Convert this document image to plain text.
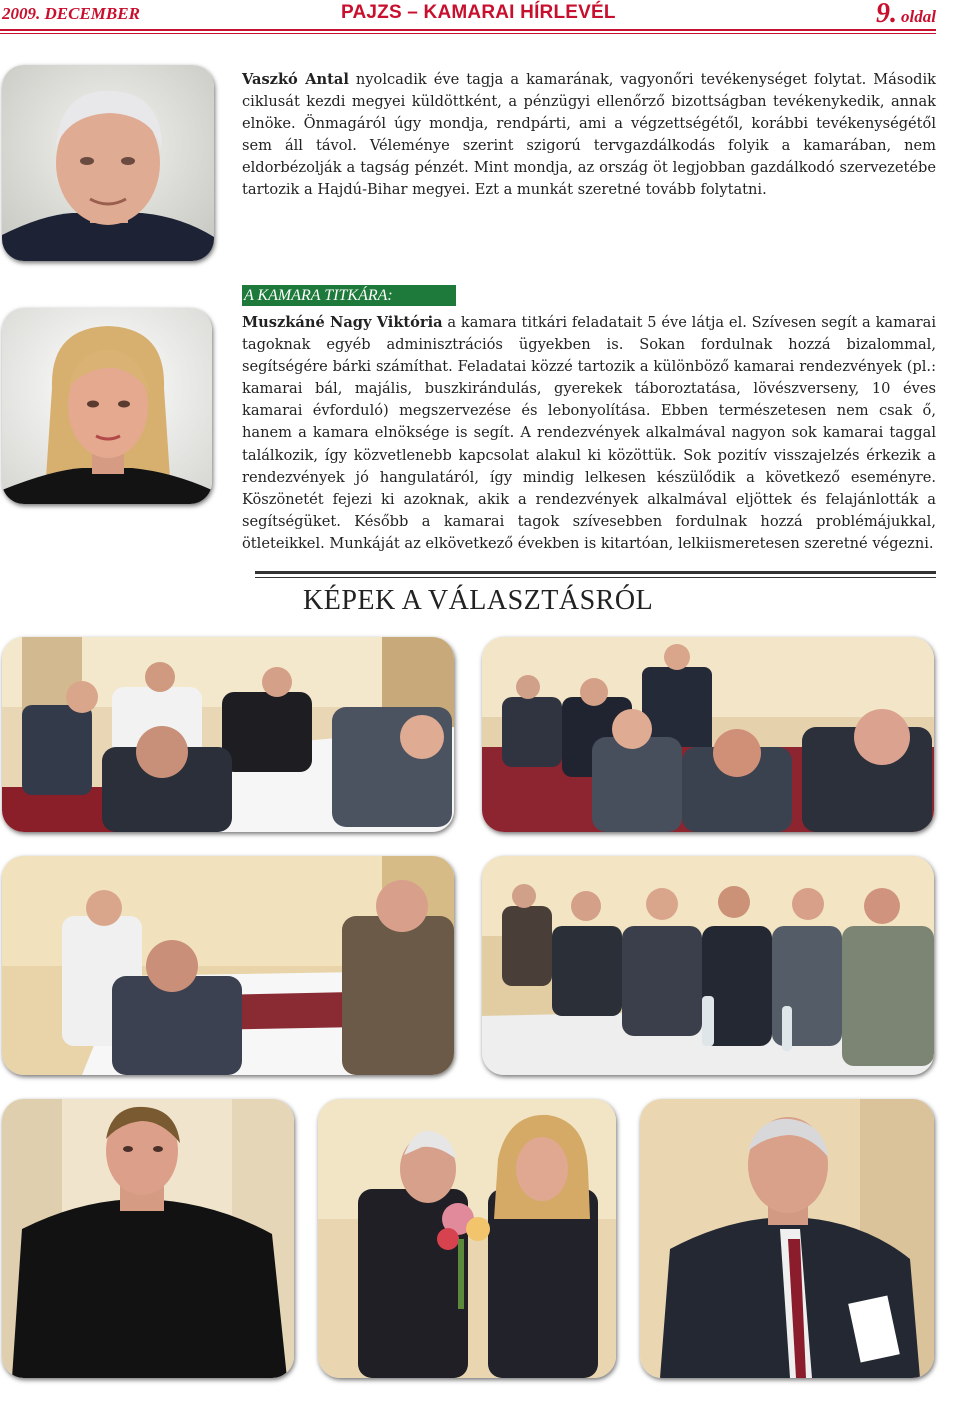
2009. DECEMBER	PAJZS – KAMARAI HÍRLEVÉL	9. oldal
Vaszkó Antal nyolcadik éve tagja a kamarának, vagyonőri tevékenységet folytat. Második ciklusát kezdi megyei küldöttként, a pénzügyi ellenőrző bizottságban tevékenykedik, annak elnöke. Önmagáról úgy mondja, rendpárti, ami a végzettségétől, korábbi tevékenységétől sem áll távol. Véleménye szerint szigorú tervgazdálkodás folyik a kamarában, nem eldorbézolják a tagság pénzét. Mint mondja, az ország öt legjobban gazdálkodó szervezetébe tartozik a Hajdú-Bihar megyei. Ezt a munkát szeretné tovább folytatni.
A KAMARA TITKÁRA:
Muszkáné Nagy Viktória a kamara titkári feladatait 5 éve látja el. Szívesen segít a kamarai tagoknak egyéb adminisztrációs ügyekben is. Sokan fordulnak hozzá bizalommal, segítségére bárki számíthat. Feladatai közzé tartozik a különböző kamarai rendezvények (pl.: kamarai bál, majális, buszkirándulás, gyerekek táboroztatása, lövészverseny, 10 éves kamarai évforduló) megszervezése és lebonyolítása. Ebben természetesen nem csak ő, hanem a kamara elnöksége is segít. A rendezvények alkalmával nagyon sok kamarai taggal találkozik, így közvetlenebb kapcsolat alakul ki közöttük. Sok pozitív visszajelzés érkezik a rendezvények jó hangulatáról, így mindig lelkesen készülődik a következő eseményre. Köszönetét fejezi ki azoknak, akik a rendezvények alkalmával eljöttek és felajánlották a segítségüket. Később a kamarai tagok szívesebben fordulnak hozzá problémájukkal, ötleteikkel. Munkáját az elkövetkező években is kitartóan, lelkiismeretesen szeretné végezni.
KÉPEK A VÁLASZTÁSRÓL
